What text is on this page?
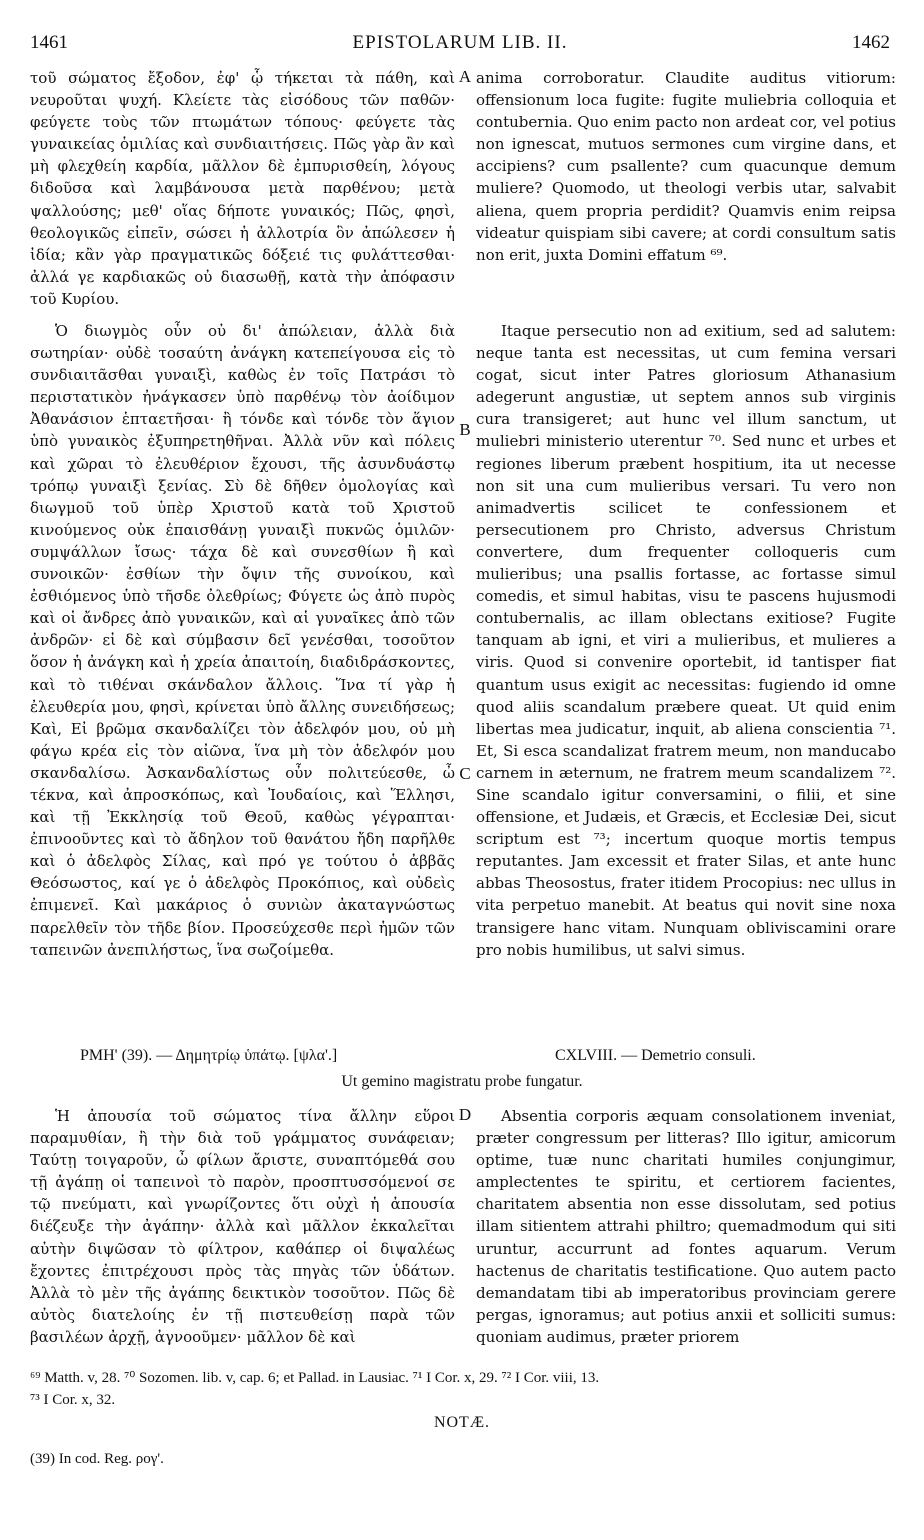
1461	EPISTOLARUM LIB. II.	1462

τοῦ σώματος ἔξοδον, ἐφ' ᾧ τήκεται τὰ πάθη, καὶ νευροῦται ψυχή. Κλείετε τὰς εἰσόδους τῶν παθῶν· φεύγετε τοὺς τῶν πτωμάτων τόπους· φεύγετε τὰς γυναικείας ὁμιλίας καὶ συνδιαιτήσεις. Πῶς γὰρ ἂν καὶ μὴ φλεχθείη καρδία, μᾶλλον δὲ ἐμπυρισθείη, λόγους διδοῦσα καὶ λαμβάνουσα μετὰ παρθένου; μετὰ ψαλλούσης; μεθ' οἵας δήποτε γυναικός; Πῶς, φησὶ, θεολογικῶς εἰπεῖν, σώσει ἡ ἀλλοτρία ὃν ἀπώλεσεν ἡ ἰδία; κἂν γὰρ πραγματικῶς δόξειέ τις φυλάττεσθαι· ἀλλά γε καρδιακῶς οὐ διασωθῇ, κατὰ τὴν ἀπόφασιν τοῦ Κυρίου.

A anima corroboratur. Claudite auditus vitiorum: offensionum loca fugite: fugite muliebria colloquia et contubernia. Quo enim pacto non ardeat cor, vel potius non ignescat, mutuos sermones cum virgine dans, et accipiens? cum psallente? cum quacunque demum muliere? Quomodo, ut theologi verbis utar, salvabit aliena, quem propria perdidit? Quamvis enim reipsa videatur quispiam sibi cavere; at cordi consultum satis non erit, juxta Domini effatum ⁶⁹.

Ὁ διωγμὸς οὖν οὐ δι' ἀπώλειαν, ἀλλὰ διὰ σωτηρίαν· οὐδὲ τοσαύτη ἀνάγκη κατεπείγουσα εἰς τὸ συνδιαιτᾶσθαι γυναιξὶ, καθὼς ἐν τοῖς Πατράσι τὸ περιστατικὸν ἠνάγκασεν ὑπὸ παρθένῳ τὸν ἀοίδιμον Ἀθανάσιον ἑπταετῆσαι· ἢ τόνδε καὶ τόνδε τὸν ἅγιον ὑπὸ γυναικὸς ἐξυπηρετηθῆναι. Ἀλλὰ νῦν καὶ πόλεις καὶ χῶραι τὸ ἐλευθέριον ἔχουσι, τῆς ἀσυνδυάστῳ τρόπῳ γυναιξὶ ξενίας. Σὺ δὲ δῆθεν ὁμολογίας καὶ διωγμοῦ τοῦ ὑπὲρ Χριστοῦ κατὰ τοῦ Χριστοῦ κινούμενος οὐκ ἐπαισθάνῃ γυναιξὶ πυκνῶς ὁμιλῶν· συμψάλλων ἴσως· τάχα δὲ καὶ συνεσθίων ἢ καὶ συνοικῶν· ἐσθίων τὴν ὄψιν τῆς συνοίκου, καὶ ἐσθιόμενος ὑπὸ τῆσδε ὀλεθρίως; Φύγετε ὡς ἀπὸ πυρὸς καὶ οἱ ἄνδρες ἀπὸ γυναικῶν, καὶ αἱ γυναῖκες ἀπὸ τῶν ἀνδρῶν· εἰ δὲ καὶ σύμβασιν δεῖ γενέσθαι, τοσοῦτον ὅσον ἡ ἀνάγκη καὶ ἡ χρεία ἀπαιτοίη, διαδιδράσκοντες, καὶ τὸ τιθέναι σκάνδαλον ἄλλοις. Ἵνα τί γὰρ ἡ ἐλευθερία μου, φησὶ, κρίνεται ὑπὸ ἄλλης συνειδήσεως; Καὶ, Εἰ βρῶμα σκανδαλίζει τὸν ἀδελφόν μου, οὐ μὴ φάγω κρέα εἰς τὸν αἰῶνα, ἵνα μὴ τὸν ἀδελφόν μου σκανδαλίσω. Ἀσκανδαλίστως οὖν πολιτεύεσθε, ὦ τέκνα, καὶ ἀπροσκόπως, καὶ Ἰουδαίοις, καὶ Ἕλλησι, καὶ τῇ Ἐκκλησίᾳ τοῦ Θεοῦ, καθὼς γέγραπται· ἐπινοοῦντες καὶ τὸ ἄδηλον τοῦ θανάτου ἤδη παρῆλθε καὶ ὁ ἀδελφὸς Σίλας, καὶ πρό γε τούτου ὁ ἀββᾶς Θεόσωστος, καί γε ὁ ἀδελφὸς Προκόπιος, καὶ οὐδεὶς ἐπιμενεῖ. Καὶ μακάριος ὁ συνιὼν ἀκαταγνώστως παρελθεῖν τὸν τῆδε βίον. Προσεύχεσθε περὶ ἡμῶν τῶν ταπεινῶν ἀνεπιλήστως, ἵνα σωζοίμεθα.

B
C

Itaque persecutio non ad exitium, sed ad salutem: neque tanta est necessitas, ut cum femina versari cogat, sicut inter Patres gloriosum Athanasium adegerunt angustiæ, ut septem annos sub virginis cura transigeret; aut hunc vel illum sanctum, ut muliebri ministerio uterentur ⁷⁰. Sed nunc et urbes et regiones liberum præbent hospitium, ita ut necesse non sit una cum mulieribus versari. Tu vero non animadvertis scilicet te confessionem et persecutionem pro Christo, adversus Christum convertere, dum frequenter colloqueris cum mulieribus; una psallis fortasse, ac fortasse simul comedis, et simul habitas, visu te pascens hujusmodi contubernalis, ac illam oblectans exitiose? Fugite tanquam ab igni, et viri a mulieribus, et mulieres a viris. Quod si convenire oportebit, id tantisper fiat quantum usus exigit ac necessitas: fugiendo id omne quod aliis scandalum præbere queat. Ut quid enim libertas mea judicatur, inquit, ab aliena conscientia ⁷¹. Et, Si esca scandalizat fratrem meum, non manducabo carnem in æternum, ne fratrem meum scandalizem ⁷². Sine scandalo igitur conversamini, o filii, et sine offensione, et Judæis, et Græcis, et Ecclesiæ Dei, sicut scriptum est ⁷³; incertum quoque mortis tempus reputantes. Jam excessit et frater Silas, et ante hunc abbas Theosostus, frater itidem Procopius: nec ullus in vita perpetuo manebit. At beatus qui novit sine noxa transigere hanc vitam. Nunquam obliviscamini orare pro nobis humilibus, ut salvi simus.

ΡΜΗ' (39). — Δημητρίῳ ὑπάτῳ. [ψλα'.]	CXLVIII. — Demetrio consuli.
Ut gemino magistratu probe fungatur.

Ἡ ἀπουσία τοῦ σώματος τίνα ἄλλην εὕροι παραμυθίαν, ἢ τὴν διὰ τοῦ γράμματος συνάφειαν; Ταύτῃ τοιγαροῦν, ὦ φίλων ἄριστε, συναπτόμεθά σου τῇ ἀγάπῃ οἱ ταπεινοὶ τὸ παρὸν, προσπτυσσόμενοί σε τῷ πνεύματι, καὶ γνωρίζοντες ὅτι οὐχὶ ἡ ἀπουσία διέζευξε τὴν ἀγάπην· ἀλλὰ καὶ μᾶλλον ἐκκαλεῖται αὐτὴν διψῶσαν τὸ φίλτρον, καθάπερ οἱ διψαλέως ἔχοντες ἐπιτρέχουσι πρὸς τὰς πηγὰς τῶν ὑδάτων. Ἀλλὰ τὸ μὲν τῆς ἀγάπης δεικτικὸν τοσοῦτον. Πῶς δὲ αὐτὸς διατελοίης ἐν τῇ πιστευθείσῃ παρὰ τῶν βασιλέων ἀρχῇ, ἀγνοοῦμεν· μᾶλλον δὲ καὶ

D	Absentia corporis æquam consolationem inveniat, præter congressum per litteras? Illo igitur, amicorum optime, tuæ nunc charitati humiles conjungimur, amplectentes te spiritu, et certiorem facientes, charitatem absentia non esse dissolutam, sed potius illam sitientem attrahi philtro; quemadmodum qui siti uruntur, accurrunt ad fontes aquarum. Verum hactenus de charitatis testificatione. Quo autem pacto demandatam tibi ab imperatoribus provinciam gerere pergas, ignoramus; aut potius anxii et solliciti sumus: quoniam audimus, præter priorem

⁶⁹ Matth. v, 28. ⁷⁰ Sozomen. lib. v, cap. 6; et Pallad. in Lausiac. ⁷¹ I Cor. x, 29. ⁷² I Cor. viii, 13.
⁷³ I Cor. x, 32.
NOTÆ.
(39) In cod. Reg. ρογ'.
